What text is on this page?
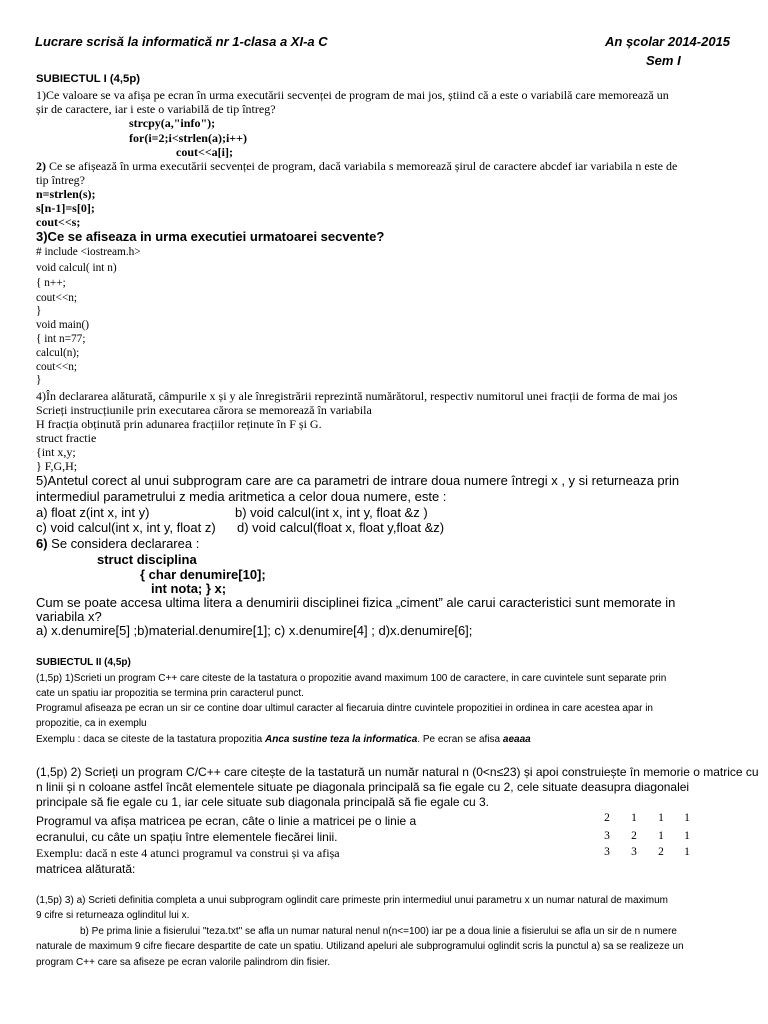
Lucrare scrisă la informatică nr 1-clasa a XI-a C	An școlar 2014-2015
Sem I
SUBIECTUL I (4,5p)
1)Ce valoare se va afișa pe ecran în urma executării secvenței de program de mai jos, știind că a este o variabilă care memorează un
șir de caractere, iar i este o variabilă de tip întreg?
strcpy(a,"info");
for(i=2;i<strlen(a);i++)
cout<<a[i];
2) Ce se afișează în urma executării secvenței de program, dacă variabila s memorează șirul de caractere abcdef iar variabila n este de
tip întreg?
n=strlen(s);
s[n-1]=s[0];
cout<<s;
3)Ce se afiseaza in urma executiei urmatoarei secvente?
# include <iostream.h>
void calcul( int n)
{ n++;
cout<<n;
}
void main()
{ int n=77;
calcul(n);
cout<<n;
}
4)În declararea alăturată, câmpurile x și y ale înregistrării reprezintă numărătorul, respectiv numitorul unei fracții de forma de mai jos
Scrieți instrucțiunile prin executarea cărora se memorează în variabila
H fracția obținută prin adunarea fracțiilor reținute în F și G.
struct fractie
{int x,y;
} F,G,H;
5)Antetul corect al unui subprogram care are ca parametri de intrare doua numere întregi x , y si returneaza prin
intermediul parametrului z media aritmetica a celor doua numere, este :
a) float z(int x, int y)	b) void calcul(int x, int y, float &z )
c) void calcul(int x, int y, float z) d) void calcul(float x, float y,float &z)
6) Se considera declararea :
struct disciplina
{ char denumire[10];
int nota; } x;
Cum se poate accesa ultima litera a denumirii disciplinei fizica „ciment” ale carui caracteristici sunt memorate in
variabila x?
a) x.denumire[5] ;b)material.denumire[1]; c) x.denumire[4] ; d)x.denumire[6];
SUBIECTUL II (4,5p)
(1,5p) 1)Scrieti un program C++ care citeste de la tastatura o propozitie avand maximum 100 de caractere, in care cuvintele sunt separate prin
cate un spatiu iar propozitia se termina prin caracterul punct.
Programul afiseaza pe ecran un sir ce contine doar ultimul caracter al fiecaruia dintre cuvintele propozitiei in ordinea in care acestea apar in
propozitie, ca in exemplu
Exemplu : daca se citeste de la tastatura propozitia Anca sustine teza la informatica. Pe ecran se afisa aeaaa
(1,5p) 2) Scrieți un program C/C++ care citește de la tastatură un număr natural n (0<n≤23) și apoi construiește în memorie o matrice cu
n linii și n coloane astfel încât elementele situate pe diagonala principală sa fie egale cu 2, cele situate deasupra diagonalei
principale să fie egale cu 1, iar cele situate sub diagonala principală să fie egale cu 3.
Programul va afișa matricea pe ecran, câte o linie a matricei pe o linie a
ecranului, cu câte un spațiu între elementele fiecărei linii.
Exemplu: dacă n este 4 atunci programul va construi și va afișa
matricea alăturată:
2 1 1 1
3 2 1 1
3 3 2 1
(1,5p) 3) a) Scrieti definitia completa a unui subprogram oglindit care primeste prin intermediul unui parametru x un numar natural de maximum
9 cifre si returneaza oglinditul lui x.
b) Pe prima linie a fisierului "teza.txt" se afla un numar natural nenul n(n<=100) iar pe a doua linie a fisierului se afla un sir de n numere
naturale de maximum 9 cifre fiecare despartite de cate un spatiu. Utilizand apeluri ale subprogramului oglindit scris la punctul a) sa se realizeze un
program C++ care sa afiseze pe ecran valorile palindrom din fisier.
